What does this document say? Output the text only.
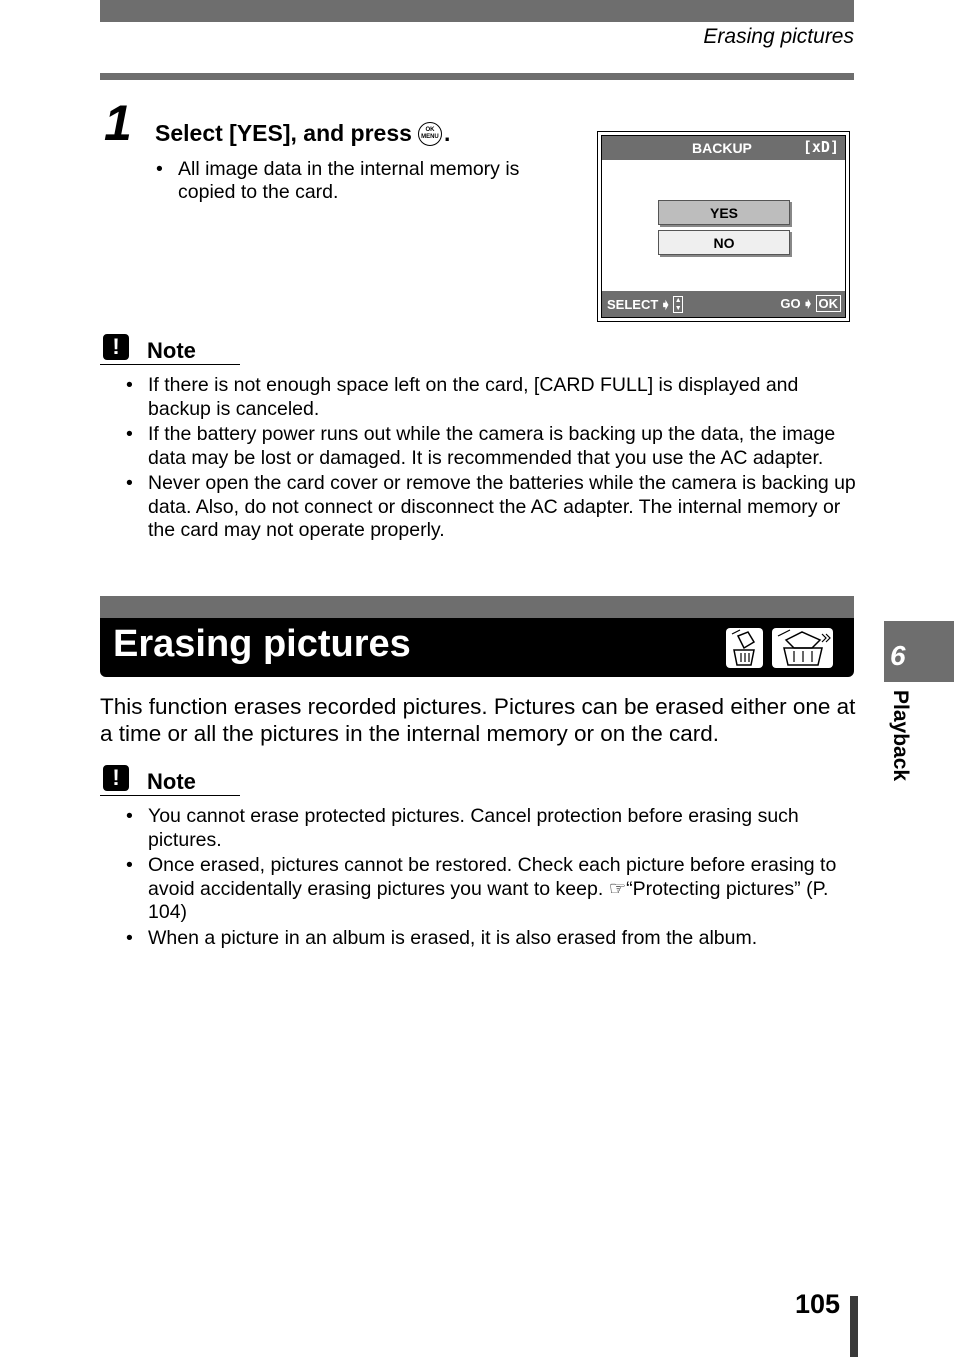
Erasing pictures
1 Select [YES], and press OK
MENU .
• All image data in the internal memory is copied to the card.
BACKUP	[xD]
YES
NO
SELECT ➧ ▲
▼	GO ➧ OK
!	Note
• If there is not enough space left on the card, [CARD FULL] is displayed and backup is canceled.
• If the battery power runs out while the camera is backing up the data, the image data may be lost or damaged. It is recommended that you use the AC adapter.
• Never open the card cover or remove the batteries while the camera is backing up data. Also, do not connect or disconnect the AC adapter. The internal memory or the card may not operate properly.
Erasing pictures
This function erases recorded pictures. Pictures can be erased either one at a time or all the pictures in the internal memory or on the card.
!	Note
• You cannot erase protected pictures. Cancel protection before erasing such pictures.
• Once erased, pictures cannot be restored. Check each picture before erasing to avoid accidentally erasing pictures you want to keep. ☞“Protecting pictures” (P. 104)
• When a picture in an album is erased, it is also erased from the album.
6
Playback
105
